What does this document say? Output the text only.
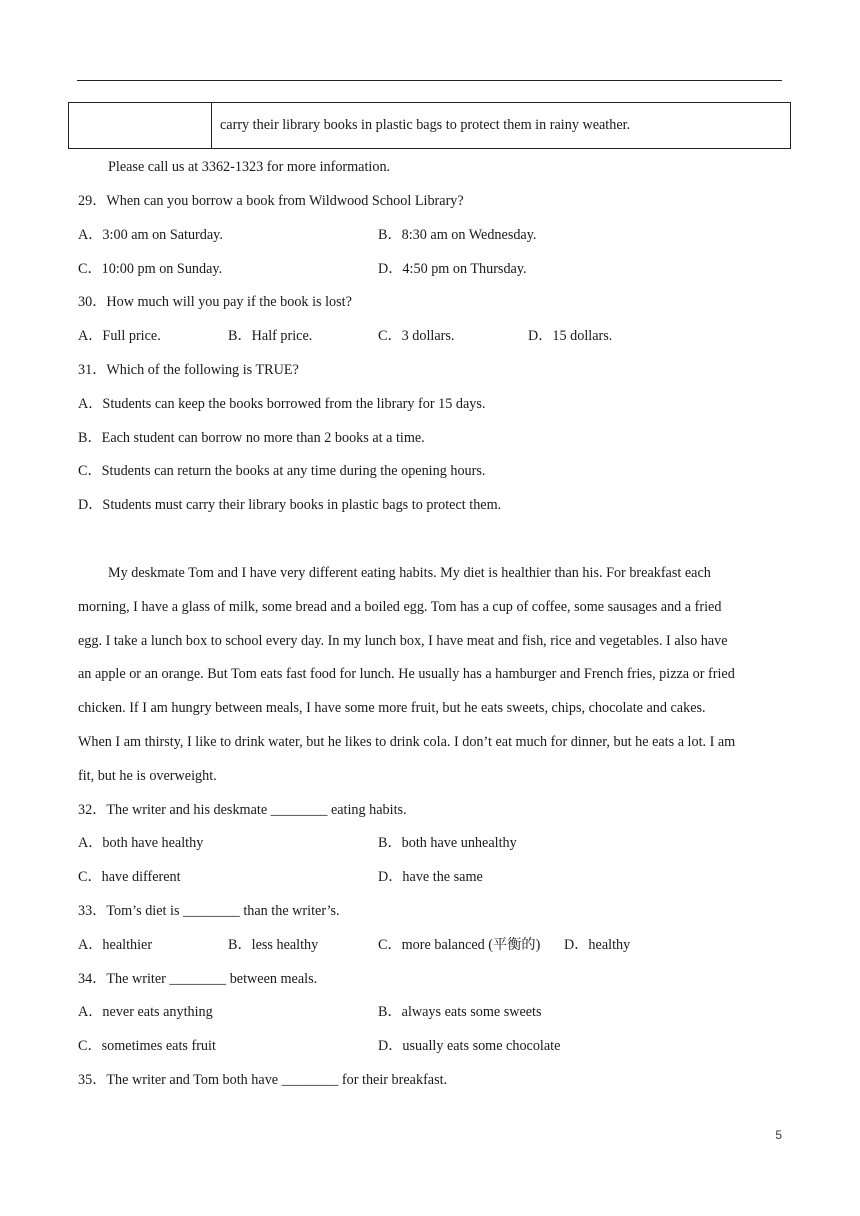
	carry their library books in plastic bags to protect them in rainy weather.
Please call us at 3362-1323 for more information.
29．When can you borrow a book from Wildwood School Library?
A．3:00 am on Saturday.	B．8:30 am on Wednesday.
C．10:00 pm on Sunday.	D．4:50 pm on Thursday.
30．How much will you pay if the book is lost?
A．Full price.	B．Half price.	C．3 dollars.	D．15 dollars.
31．Which of the following is TRUE?
A．Students can keep the books borrowed from the library for 15 days.
B．Each student can borrow no more than 2 books at a time.
C．Students can return the books at any time during the opening hours.
D．Students must carry their library books in plastic bags to protect them.
My deskmate Tom and I have very different eating habits. My diet is healthier than his. For breakfast each
morning, I have a glass of milk, some bread and a boiled egg. Tom has a cup of coffee, some sausages and a fried
egg. I take a lunch box to school every day. In my lunch box, I have meat and fish, rice and vegetables. I also have
an apple or an orange. But Tom eats fast food for lunch. He usually has a hamburger and French fries, pizza or fried
chicken. If I am hungry between meals, I have some more fruit, but he eats sweets, chips, chocolate and cakes.
When I am thirsty, I like to drink water, but he likes to drink cola. I don’t eat much for dinner, but he eats a lot. I am
fit, but he is overweight.
32．The writer and his deskmate ________ eating habits.
A．both have healthy	B．both have unhealthy
C．have different	D．have the same
33．Tom’s diet is ________ than the writer’s.
A．healthier	B．less healthy	C．more balanced (平衡的) D．healthy
34．The writer ________ between meals.
A．never eats anything	B．always eats some sweets
C．sometimes eats fruit	D．usually eats some chocolate
35．The writer and Tom both have ________ for their breakfast.
5
